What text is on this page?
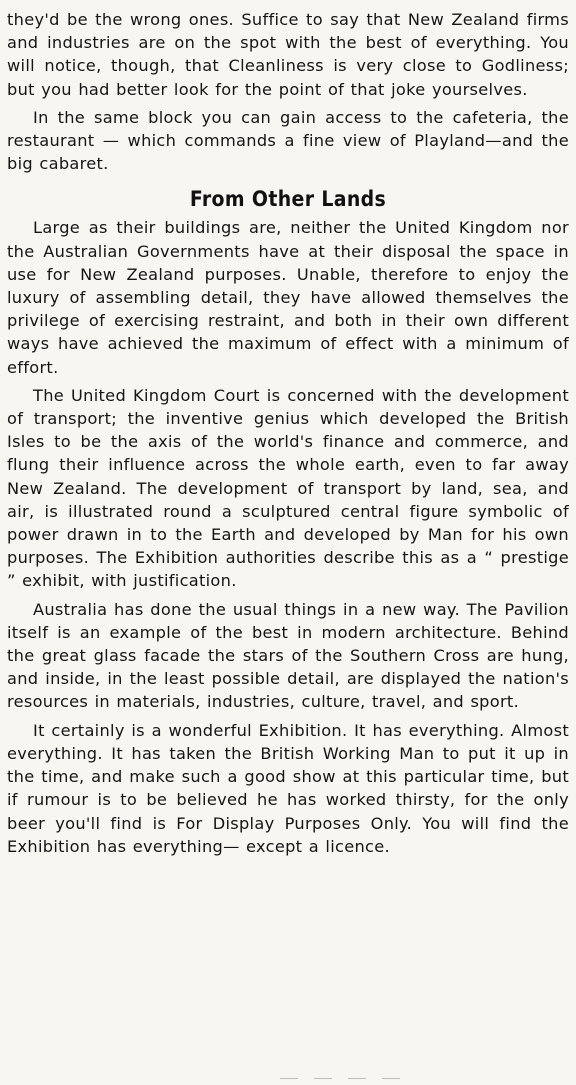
they'd be the wrong ones. Suffice to say that New Zealand firms and industries are on the spot with the best of everything. You will notice, though, that Cleanliness is very close to Godliness; but you had better look for the point of that joke yourselves.

In the same block you can gain access to the cafeteria, the restaurant — which commands a fine view of Playland—and the big cabaret.

From Other Lands

Large as their buildings are, neither the United Kingdom nor the Australian Governments have at their disposal the space in use for New Zealand purposes. Unable, therefore to enjoy the luxury of assembling detail, they have allowed themselves the privilege of exercising restraint, and both in their own different ways have achieved the maximum of effect with a minimum of effort.

The United Kingdom Court is concerned with the development of transport; the inventive genius which developed the British Isles to be the axis of the world's finance and commerce, and flung their influence across the whole earth, even to far away New Zealand. The development of transport by land, sea, and air, is illustrated round a sculptured central figure symbolic of power drawn in to the Earth and developed by Man for his own purposes. The Exhibition authorities describe this as a “ prestige ” exhibit, with justification.

Australia has done the usual things in a new way. The Pavilion itself is an example of the best in modern architecture. Behind the great glass facade the stars of the Southern Cross are hung, and inside, in the least possible detail, are displayed the nation's resources in materials, industries, culture, travel, and sport.

It certainly is a wonderful Exhibition. It has everything. Almost everything. It has taken the British Working Man to put it up in the time, and make such a good show at this particular time, but if rumour is to be believed he has worked thirsty, for the only beer you'll find is For Display Purposes Only. You will find the Exhibition has everything— except a licence.
